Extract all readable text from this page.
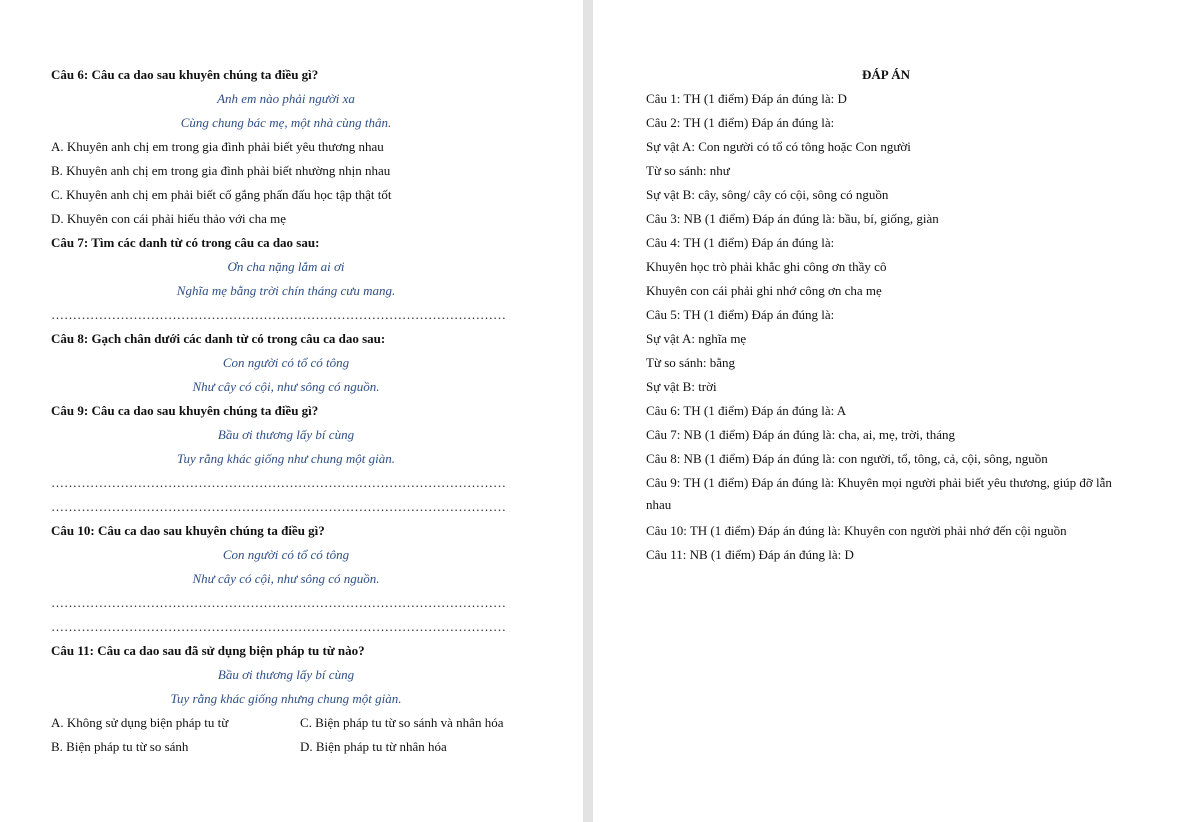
Câu 6: Câu ca dao sau khuyên chúng ta điều gì?
Anh em nào phải người xa
Cùng chung bác mẹ, một nhà cùng thân.
A. Khuyên anh chị em trong gia đình phải biết yêu thương nhau
B. Khuyên anh chị em trong gia đình phải biết nhường nhịn nhau
C. Khuyên anh chị em phải biết cố gắng phấn đấu học tập thật tốt
D. Khuyên con cái phải hiếu thảo với cha mẹ
Câu 7: Tìm các danh từ có trong câu ca dao sau:
Ơn cha nặng lắm ai ơi
Nghĩa mẹ bằng trời chín tháng cưu mang.
……………………………………………………………………………………………
Câu 8: Gạch chân dưới các danh từ có trong câu ca dao sau:
Con người có tổ có tông
Như cây có cội, như sông có nguồn.
Câu 9: Câu ca dao sau khuyên chúng ta điều gì?
Bầu ơi thương lấy bí cùng
Tuy rằng khác giống như chung một giàn.
……………………………………………………………………………………………
……………………………………………………………………………………………
Câu 10: Câu ca dao sau khuyên chúng ta điều gì?
Con người có tổ có tông
Như cây có cội, như sông có nguồn.
……………………………………………………………………………………………
……………………………………………………………………………………………
Câu 11: Câu ca dao sau đã sử dụng biện pháp tu từ nào?
Bầu ơi thương lấy bí cùng
Tuy rằng khác giống nhưng chung một giàn.
A. Không sử dụng biện pháp tu từ	C. Biện pháp tu từ so sánh và nhân hóa
B. Biện pháp tu từ so sánh	D. Biện pháp tu từ nhân hóa
ĐÁP ÁN
Câu 1: TH (1 điểm) Đáp án đúng là: D
Câu 2: TH (1 điểm) Đáp án đúng là:
Sự vật A: Con người có tổ có tông hoặc Con người
Từ so sánh: như
Sự vật B: cây, sông/ cây có cội, sông có nguồn
Câu 3: NB (1 điểm) Đáp án đúng là: bầu, bí, giống, giàn
Câu 4: TH (1 điểm) Đáp án đúng là:
Khuyên học trò phải khắc ghi công ơn thầy cô
Khuyên con cái phải ghi nhớ công ơn cha mẹ
Câu 5: TH (1 điểm) Đáp án đúng là:
Sự vật A: nghĩa mẹ
Từ so sánh: bằng
Sự vật B: trời
Câu 6: TH (1 điểm) Đáp án đúng là: A
Câu 7: NB (1 điểm) Đáp án đúng là: cha, ai, mẹ, trời, tháng
Câu 8: NB (1 điểm) Đáp án đúng là: con người, tổ, tông, cả, cội, sông, nguồn
Câu 9: TH (1 điểm) Đáp án đúng là: Khuyên mọi người phải biết yêu thương, giúp đỡ lẫn nhau
Câu 10: TH (1 điểm) Đáp án đúng là: Khuyên con người phải nhớ đến cội nguồn
Câu 11: NB (1 điểm) Đáp án đúng là: D
